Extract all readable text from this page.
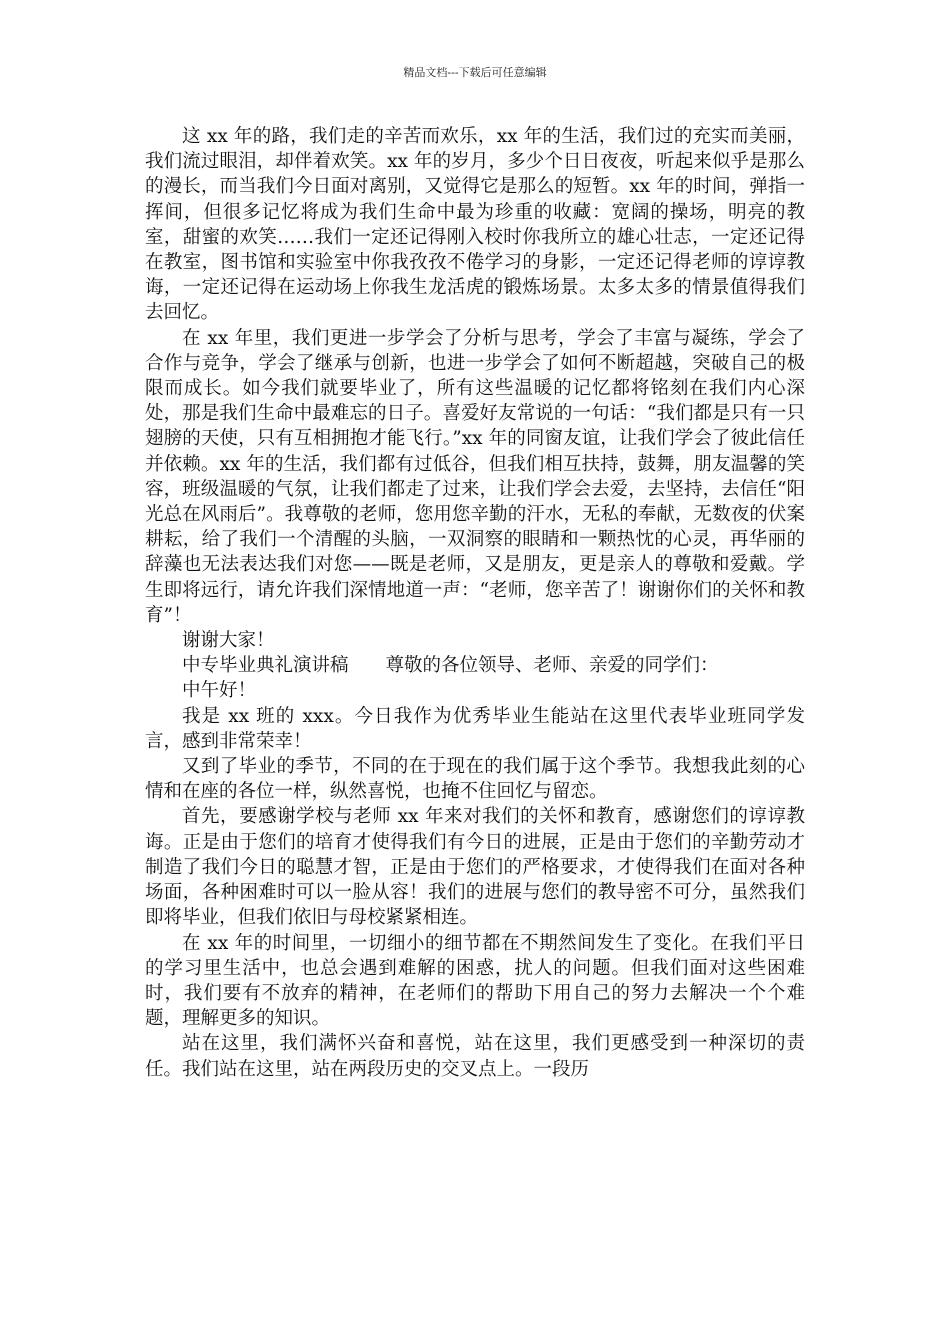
精品文档---下载后可任意编辑

这 xx 年的路，我们走的辛苦而欢乐，xx 年的生活，我们过的充实而美丽，我们流过眼泪，却伴着欢笑。xx 年的岁月，多少个日日夜夜，听起来似乎是那么的漫长，而当我们今日面对离别，又觉得它是那么的短暂。xx 年的时间，弹指一挥间，但很多记忆将成为我们生命中最为珍重的收藏：宽阔的操场，明亮的教室，甜蜜的欢笑……我们一定还记得刚入校时你我所立的雄心壮志，一定还记得在教室，图书馆和实验室中你我孜孜不倦学习的身影，一定还记得老师的谆谆教诲，一定还记得在运动场上你我生龙活虎的锻炼场景。太多太多的情景值得我们去回忆。

在 xx 年里，我们更进一步学会了分析与思考，学会了丰富与凝练，学会了合作与竞争，学会了继承与创新，也进一步学会了如何不断超越，突破自己的极限而成长。如今我们就要毕业了，所有这些温暖的记忆都将铭刻在我们内心深处，那是我们生命中最难忘的日子。喜爱好友常说的一句话：“我们都是只有一只翅膀的天使，只有互相拥抱才能飞行。”xx 年的同窗友谊，让我们学会了彼此信任并依赖。xx 年的生活，我们都有过低谷，但我们相互扶持，鼓舞，朋友温馨的笑容，班级温暖的气氛，让我们都走了过来，让我们学会去爱，去坚持，去信任“阳光总在风雨后”。我尊敬的老师，您用您辛勤的汗水，无私的奉献，无数夜的伏案耕耘，给了我们一个清醒的头脑，一双洞察的眼睛和一颗热忱的心灵，再华丽的辞藻也无法表达我们对您——既是老师，又是朋友，更是亲人的尊敬和爱戴。学生即将远行，请允许我们深情地道一声：“老师，您辛苦了！谢谢你们的关怀和教育”！

谢谢大家！

中专毕业典礼演讲稿　　尊敬的各位领导、老师、亲爱的同学们：

中午好！

我是 xx 班的 xxx。今日我作为优秀毕业生能站在这里代表毕业班同学发言，感到非常荣幸！

又到了毕业的季节，不同的在于现在的我们属于这个季节。我想我此刻的心情和在座的各位一样，纵然喜悦，也掩不住回忆与留恋。

首先，要感谢学校与老师 xx 年来对我们的关怀和教育，感谢您们的谆谆教诲。正是由于您们的培育才使得我们有今日的进展，正是由于您们的辛勤劳动才制造了我们今日的聪慧才智，正是由于您们的严格要求，才使得我们在面对各种场面，各种困难时可以一脸从容！我们的进展与您们的教导密不可分，虽然我们即将毕业，但我们依旧与母校紧紧相连。

在 xx 年的时间里，一切细小的细节都在不期然间发生了变化。在我们平日的学习里生活中，也总会遇到难解的困惑，扰人的问题。但我们面对这些困难时，我们要有不放弃的精神，在老师们的帮助下用自己的努力去解决一个个难题，理解更多的知识。

站在这里，我们满怀兴奋和喜悦，站在这里，我们更感受到一种深切的责任。我们站在这里，站在两段历史的交叉点上。一段历
